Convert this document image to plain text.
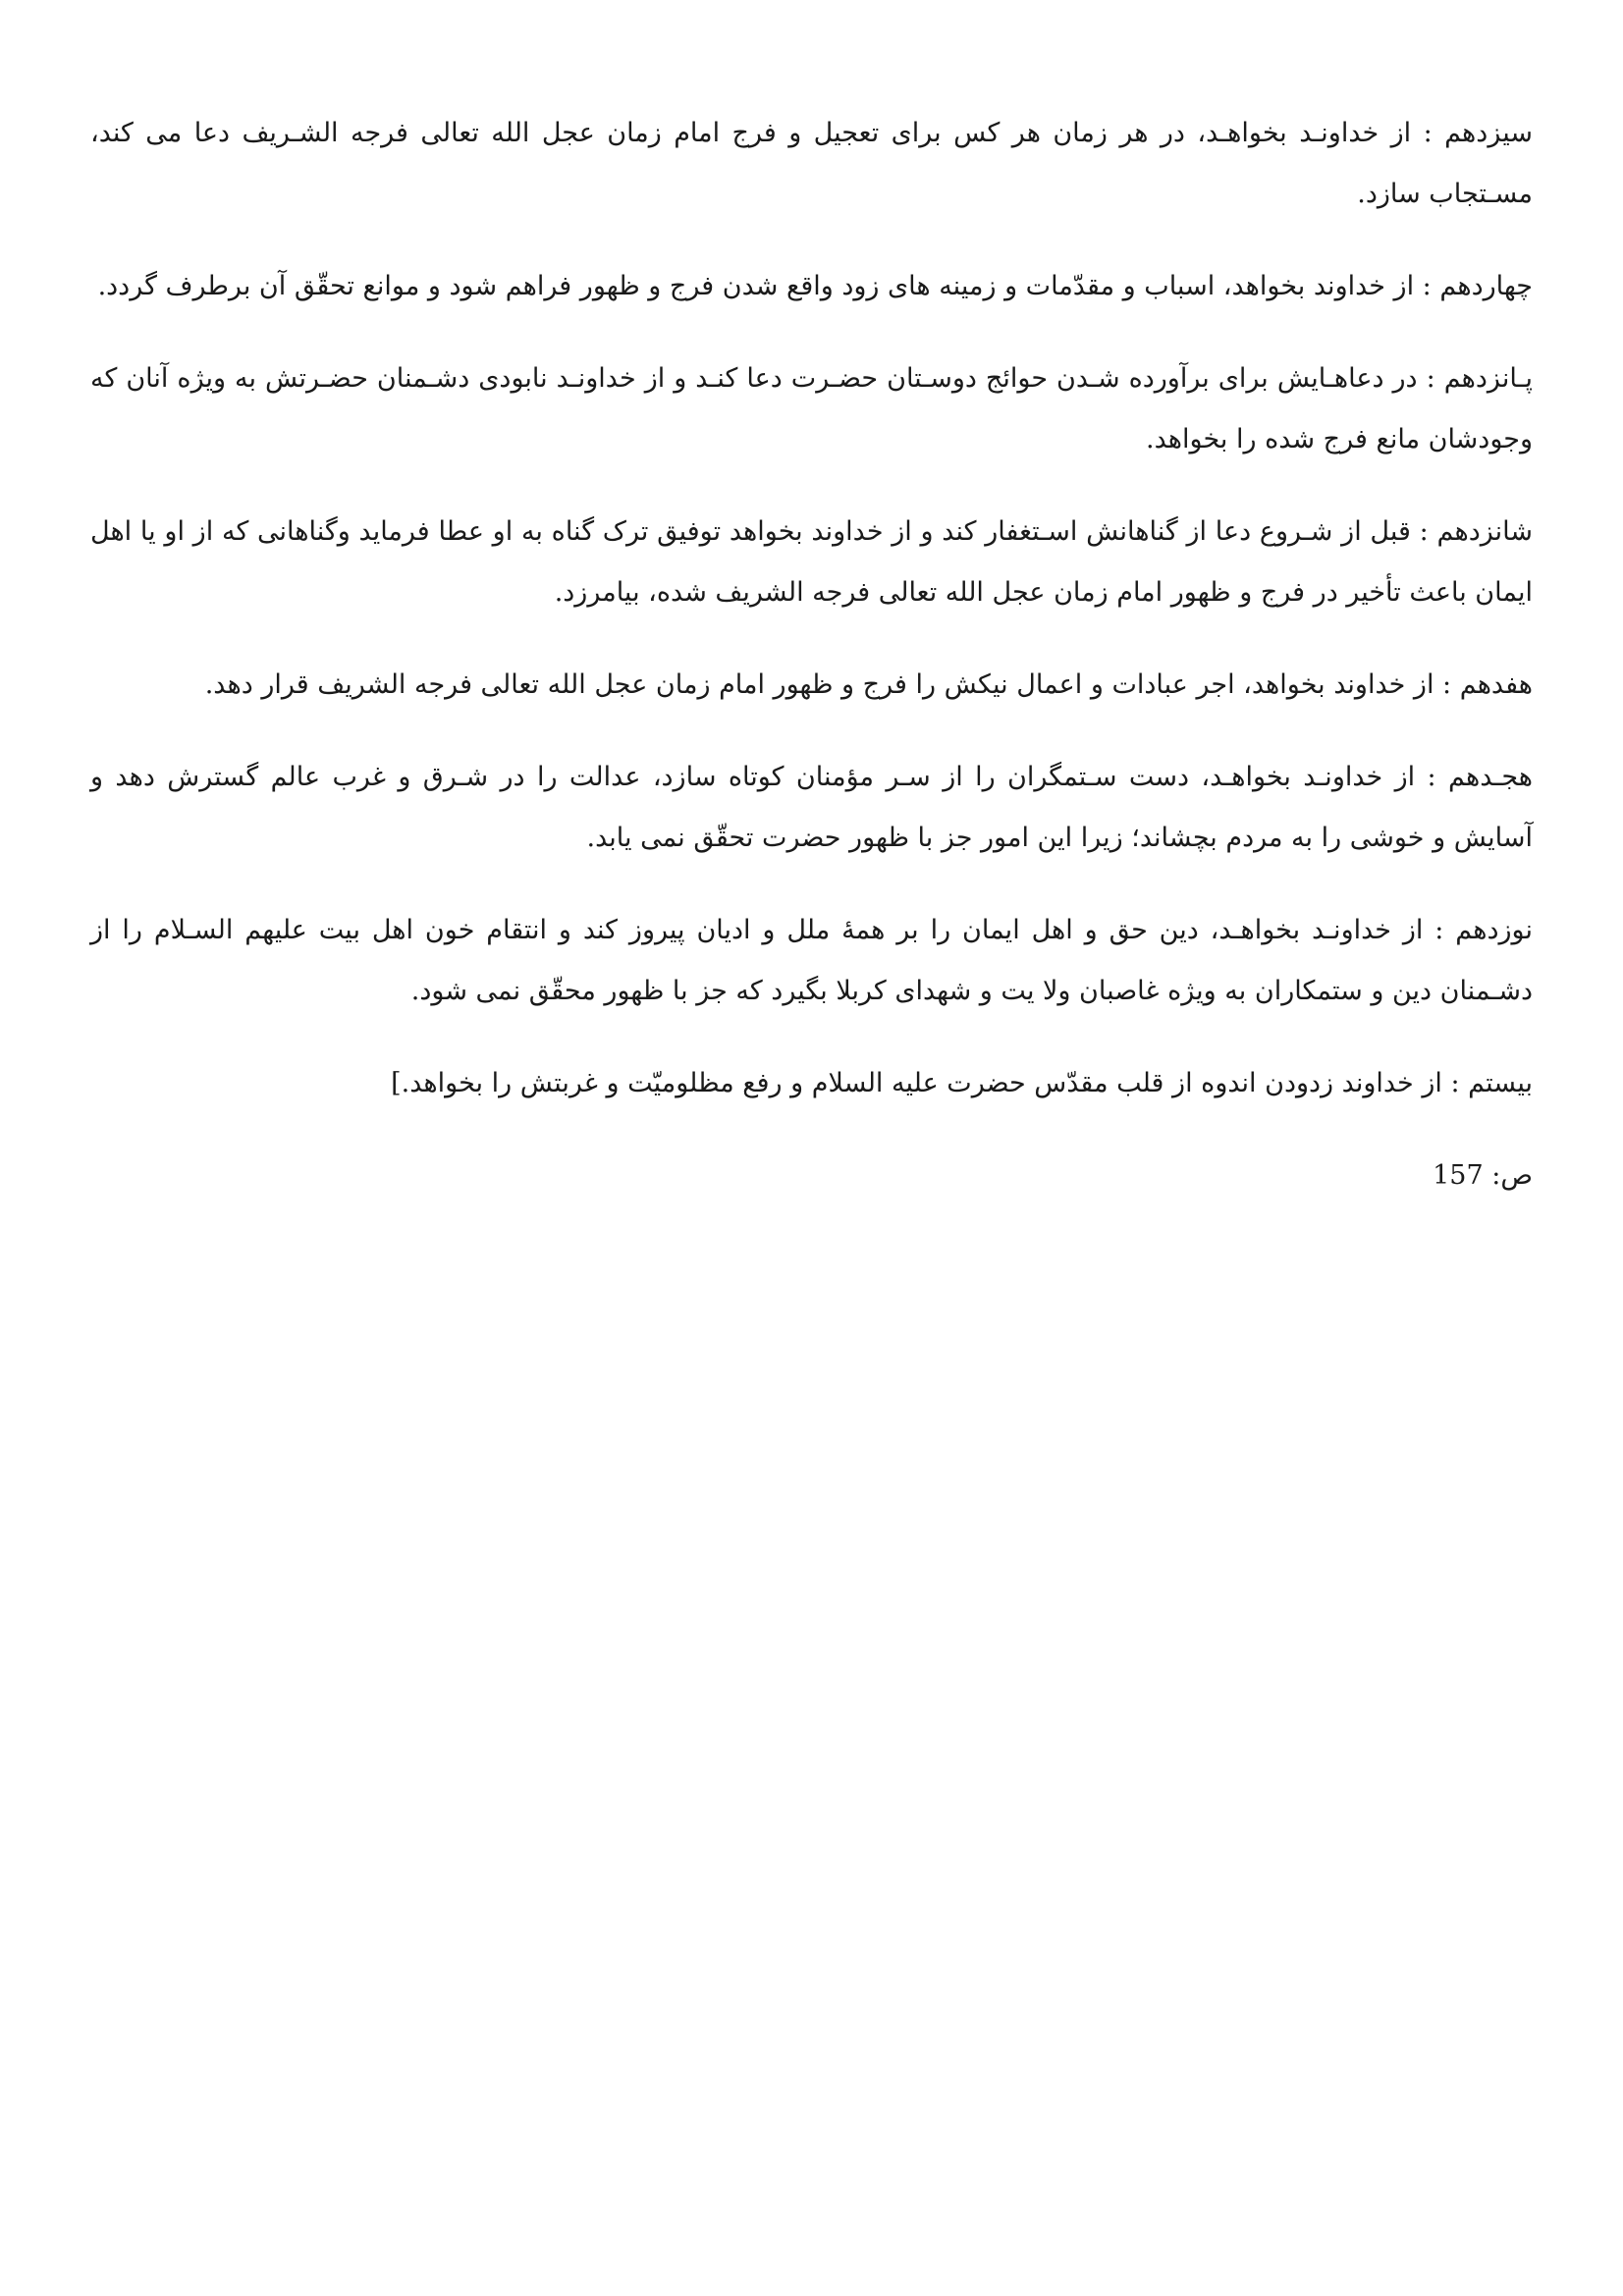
سیزدهم : از خداونـد بخواهـد، در هر زمان هر کس برای تعجیل و فرج امام زمان عجل الله تعالی فرجه الشـریف دعا می کند، مسـتجاب سازد.

چهاردهم : از خداوند بخواهد، اسباب و مقدّمات و زمینه های زود واقع شدن فرج و ظهور فراهم شود و موانع تحقّق آن برطرف گردد.

پـانزدهم : در دعاهـایش برای برآورده شـدن حوائج دوسـتان حضـرت دعا کنـد و از خداونـد نابودی دشـمنان حضـرتش به ویژه آنان که وجودشان مانع فرج شده را بخواهد.

شانزدهم : قبل از شـروع دعا از گناهانش اسـتغفار کند و از خداوند بخواهد توفیق ترک گناه به او عطا فرماید وگناهانی که از او یا اهل ایمان باعث تأخیر در فرج و ظهور امام زمان عجل الله تعالی فرجه الشریف شده، بیامرزد.

هفدهم : از خداوند بخواهد، اجر عبادات و اعمال نیکش را فرج و ظهور امام زمان عجل الله تعالی فرجه الشریف قرار دهد.

هجـدهم : از خداونـد بخواهـد، دست سـتمگران را از سـر مؤمنان کوتاه سازد، عدالت را در شـرق و غرب عالم گسترش دهد و آسایش و خوشی را به مردم بچشاند؛ زیرا این امور جز با ظهور حضرت تحقّق نمی یابد.

نوزدهم : از خداونـد بخواهـد، دین حق و اهل ایمان را بر همهٔ ملل و ادیان پیروز کند و انتقام خون اهل بیت علیهم السـلام را از دشـمنان دین و ستمکاران به ویژه غاصبان ولا یت و شهدای کربلا بگیرد که جز با ظهور محقّق نمی شود.

بیستم : از خداوند زدودن اندوه از قلب مقدّس حضرت علیه السلام و رفع مظلومیّت و غربتش را بخواهد.]

ص: 157
